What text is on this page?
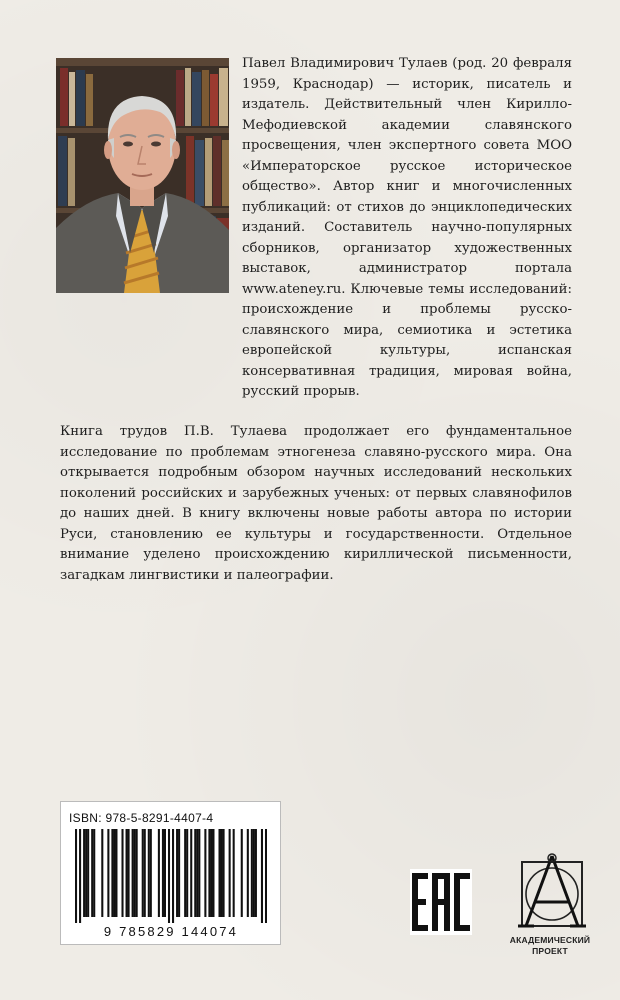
Павел Владимирович Тулаев (род. 20 февраля 1959, Краснодар) — историк, писатель и издатель. Действительный член Кирилло-Мефодиевской академии славянского просвещения, член экспертного совета МОО «Императорское русское историческое общество». Автор книг и многочисленных публикаций: от стихов до энциклопедических изданий. Составитель научно-популярных сборников, организатор художественных выставок, администратор портала www.ateney.ru. Ключевые темы исследований: происхождение и проблемы русско-славянского мира, семиотика и эстетика европейской культуры, испанская консервативная традиция, мировая война, русский прорыв.

Книга трудов П.В. Тулаева продолжает его фундаментальное исследование по проблемам этногенеза славяно-русского мира. Она открывается подробным обзором научных исследований нескольких поколений российских и зарубежных ученых: от первых славянофилов до наших дней. В книгу включены новые работы автора по истории Руси, становлению ее культуры и государственности. Отдельное внимание уделено происхождению кириллической письменности, загадкам лингвистики и палеографии.

ISBN: 978-5-8291-4407-4
9 785829 144074
АКАДЕМИЧЕСКИЙ
ПРОЕКТ
